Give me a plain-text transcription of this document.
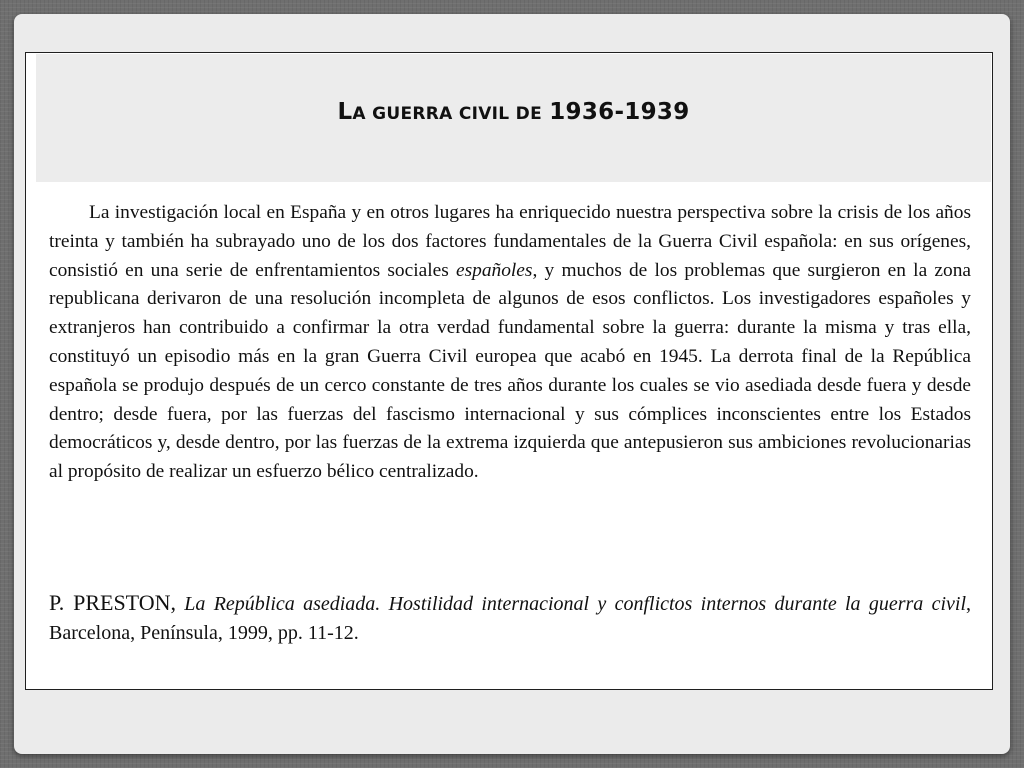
LA GUERRA CIVIL DE 1936-1939

La investigación local en España y en otros lugares ha enriquecido nuestra perspectiva sobre la crisis de los años treinta y también ha subrayado uno de los dos factores fundamentales de la Guerra Civil española: en sus orígenes, consistió en una serie de enfrentamientos sociales españoles, y muchos de los problemas que surgieron en la zona republicana derivaron de una resolución incompleta de algunos de esos conflictos. Los investigadores españoles y extranjeros han contribuido a confirmar la otra verdad fundamental sobre la guerra: durante la misma y tras ella, constituyó un episodio más en la gran Guerra Civil europea que acabó en 1945. La derrota final de la República española se produjo después de un cerco constante de tres años durante los cuales se vio asediada desde fuera y desde dentro; desde fuera, por las fuerzas del fascismo internacional y sus cómplices inconscientes entre los Estados democráticos y, desde dentro, por las fuerzas de la extrema izquierda que antepusieron sus ambiciones revolucionarias al propósito de realizar un esfuerzo bélico centralizado.

P. PRESTON, La República asediada. Hostilidad internacional y conflictos internos durante la guerra civil, Barcelona, Península, 1999, pp. 11-12.
